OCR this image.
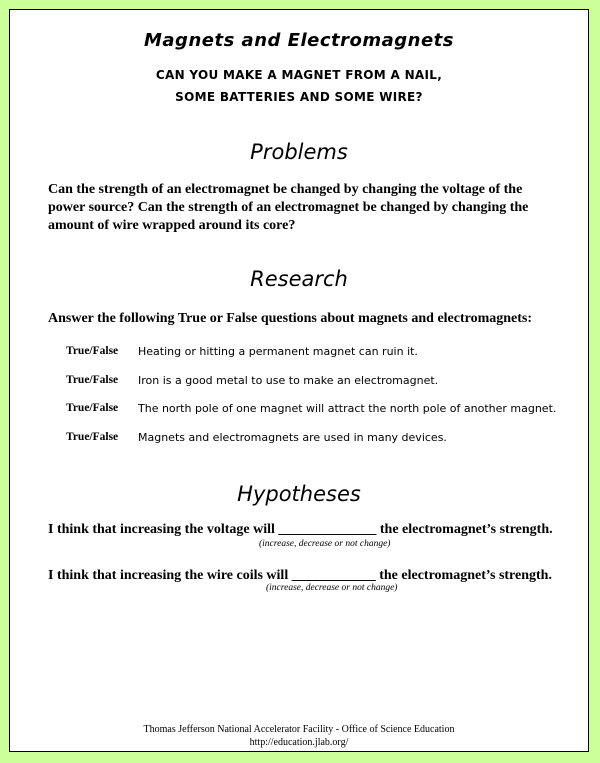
Magnets and Electromagnets
CAN YOU MAKE A MAGNET FROM A NAIL,
SOME BATTERIES AND SOME WIRE?
Problems
Can the strength of an electromagnet be changed by changing the voltage of the power source? Can the strength of an electromagnet be changed by changing the amount of wire wrapped around its core?
Research
Answer the following True or False questions about magnets and electromagnets:
True/False Heating or hitting a permanent magnet can ruin it.
True/False Iron is a good metal to use to make an electromagnet.
True/False The north pole of one magnet will attract the north pole of another magnet.
True/False Magnets and electromagnets are used in many devices.
Hypotheses
I think that increasing the voltage will ______________ the electromagnet’s strength.
(increase, decrease or not change)
I think that increasing the wire coils will ____________ the electromagnet’s strength.
(increase, decrease or not change)
Thomas Jefferson National Accelerator Facility - Office of Science Education
http://education.jlab.org/
